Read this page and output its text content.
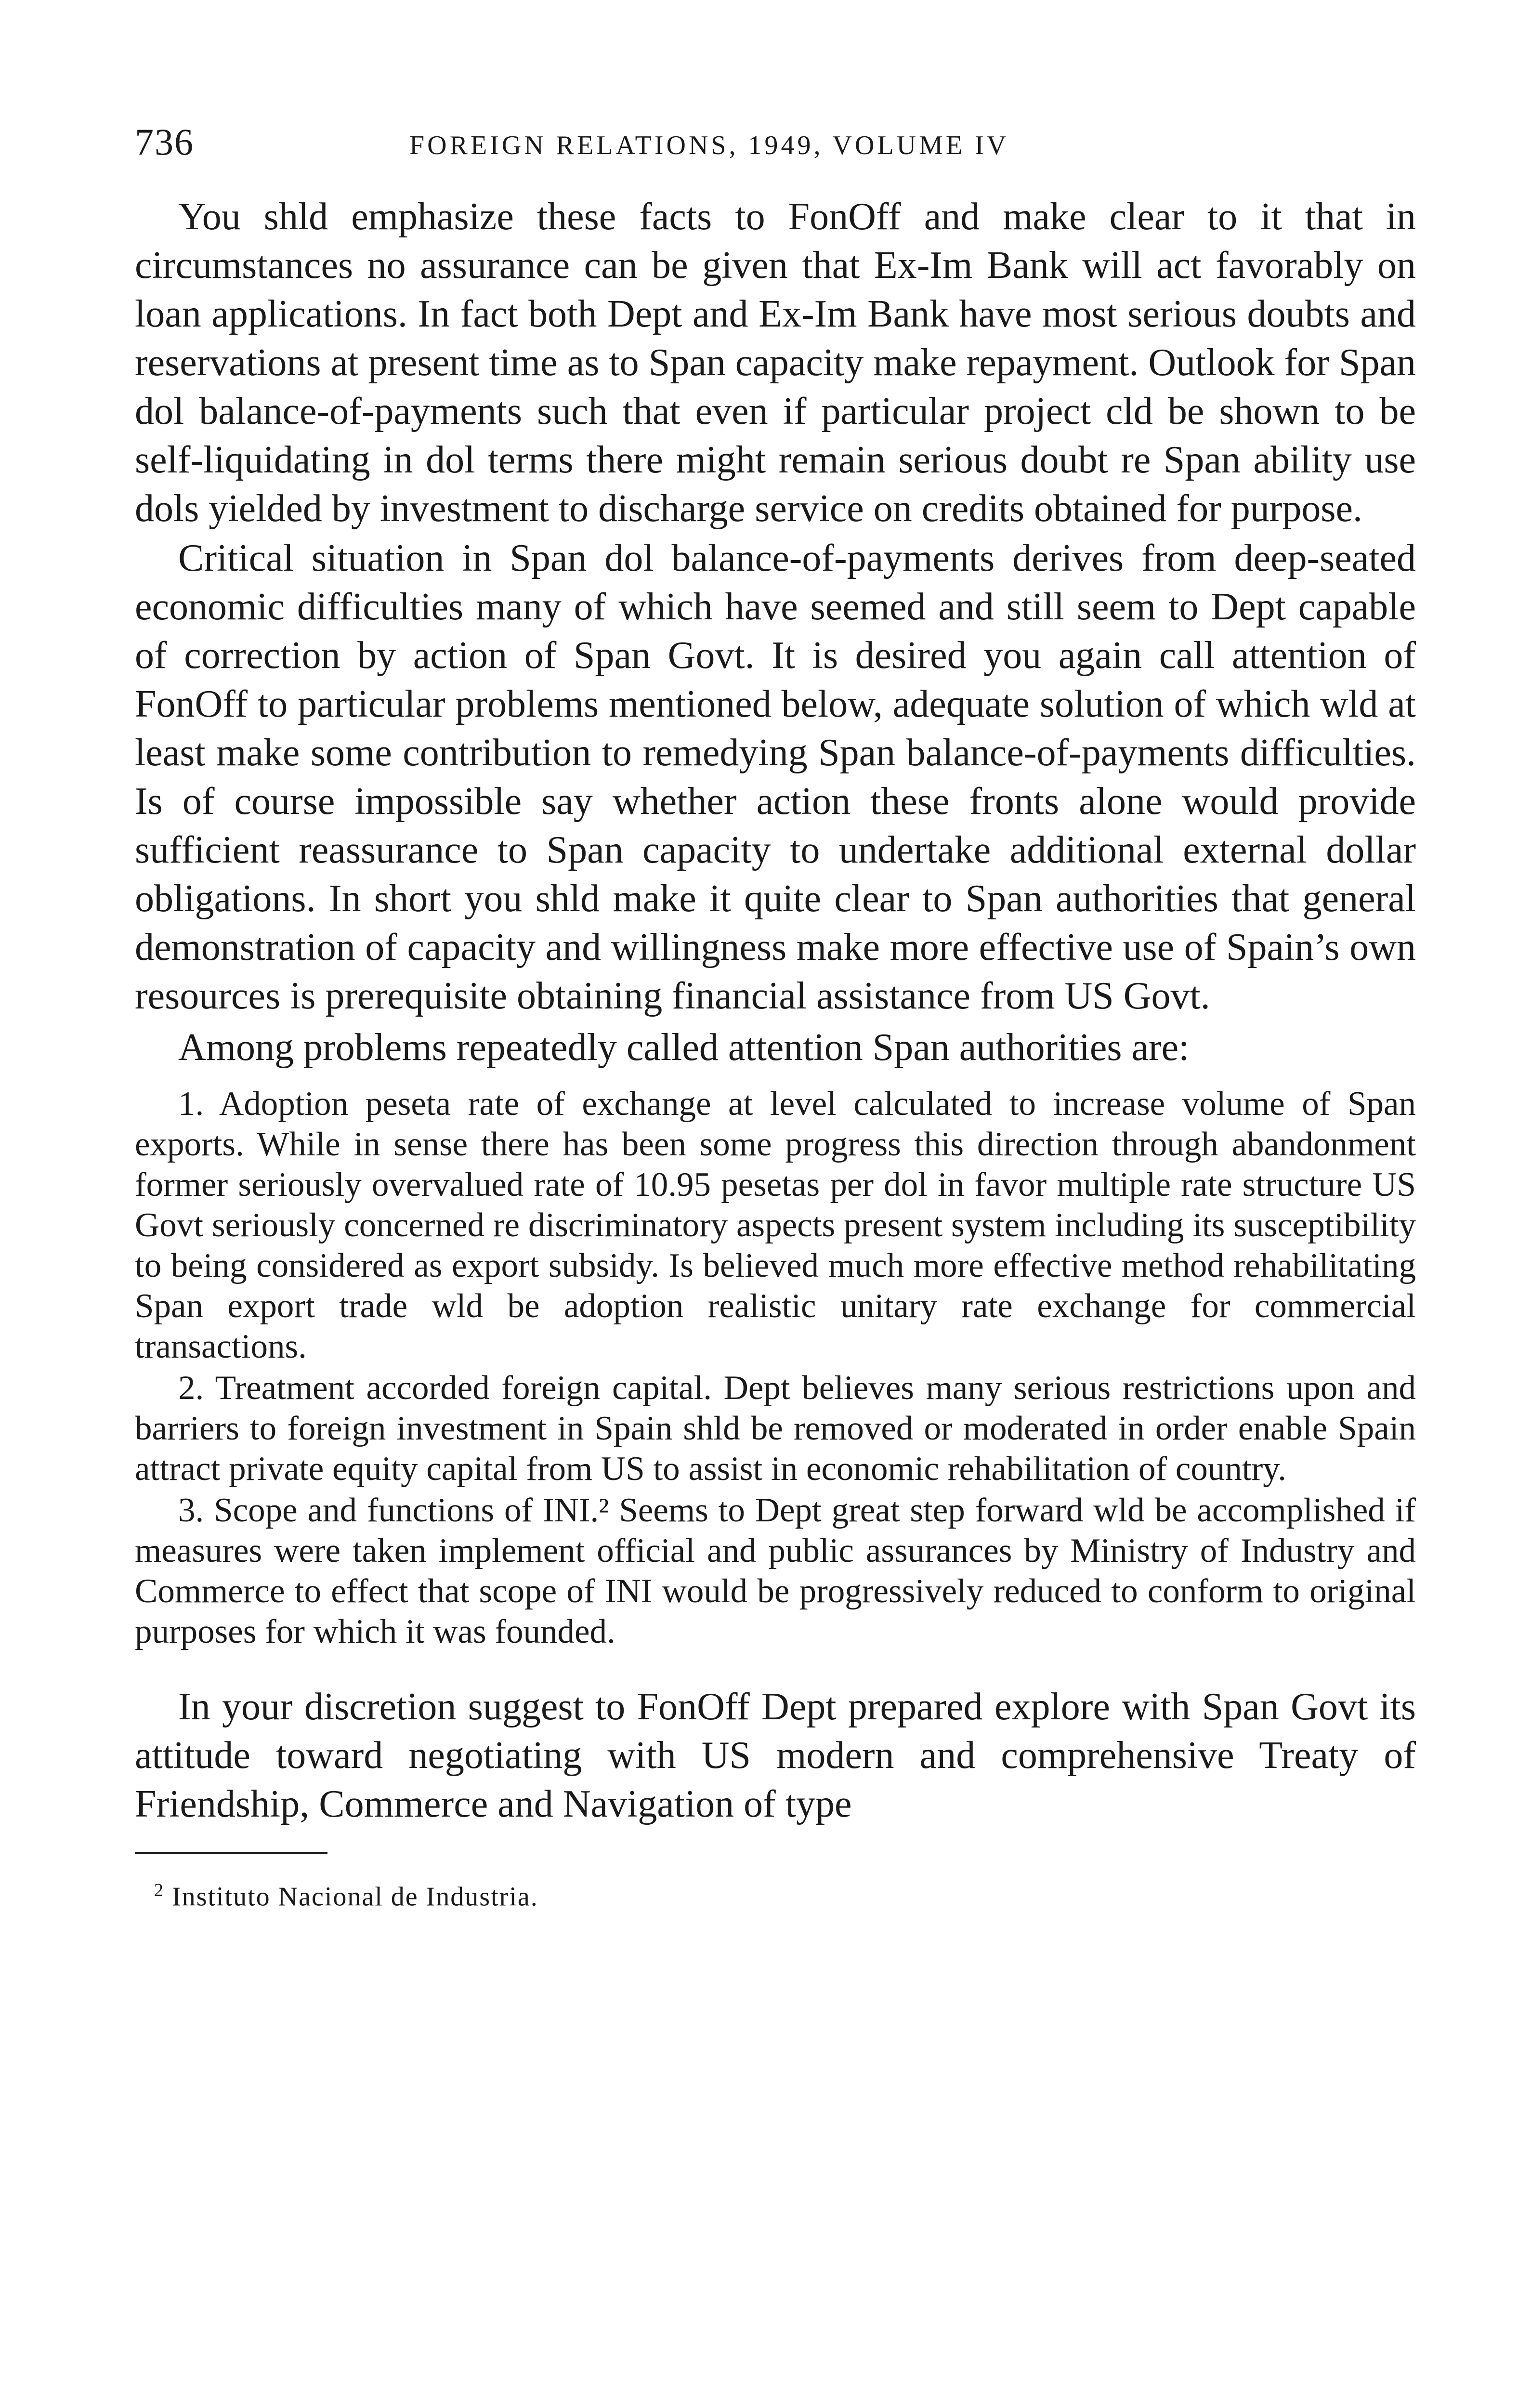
736	FOREIGN RELATIONS, 1949, VOLUME IV

You shld emphasize these facts to FonOff and make clear to it that in circumstances no assurance can be given that Ex-Im Bank will act favorably on loan applications. In fact both Dept and Ex-Im Bank have most serious doubts and reservations at present time as to Span capacity make repayment. Outlook for Span dol balance-of-payments such that even if particular project cld be shown to be self-liquidating in dol terms there might remain serious doubt re Span ability use dols yielded by investment to discharge service on credits obtained for purpose.

Critical situation in Span dol balance-of-payments derives from deep-seated economic difficulties many of which have seemed and still seem to Dept capable of correction by action of Span Govt. It is desired you again call attention of FonOff to particular problems mentioned below, adequate solution of which wld at least make some contribution to remedying Span balance-of-payments difficulties. Is of course impossible say whether action these fronts alone would provide sufficient reassurance to Span capacity to undertake additional external dollar obligations. In short you shld make it quite clear to Span authorities that general demonstration of capacity and willingness make more effective use of Spain’s own resources is prerequisite obtaining financial assistance from US Govt.

Among problems repeatedly called attention Span authorities are:

1. Adoption peseta rate of exchange at level calculated to increase volume of Span exports. While in sense there has been some progress this direction through abandonment former seriously overvalued rate of 10.95 pesetas per dol in favor multiple rate structure US Govt seriously concerned re discriminatory aspects present system including its susceptibility to being considered as export subsidy. Is believed much more effective method rehabilitating Span export trade wld be adoption realistic unitary rate exchange for commercial transactions.

2. Treatment accorded foreign capital. Dept believes many serious restrictions upon and barriers to foreign investment in Spain shld be removed or moderated in order enable Spain attract private equity capital from US to assist in economic rehabilitation of country.

3. Scope and functions of INI.² Seems to Dept great step forward wld be accomplished if measures were taken implement official and public assurances by Ministry of Industry and Commerce to effect that scope of INI would be progressively reduced to conform to original purposes for which it was founded.

In your discretion suggest to FonOff Dept prepared explore with Span Govt its attitude toward negotiating with US modern and comprehensive Treaty of Friendship, Commerce and Navigation of type

$^2$ Instituto Nacional de Industria.
